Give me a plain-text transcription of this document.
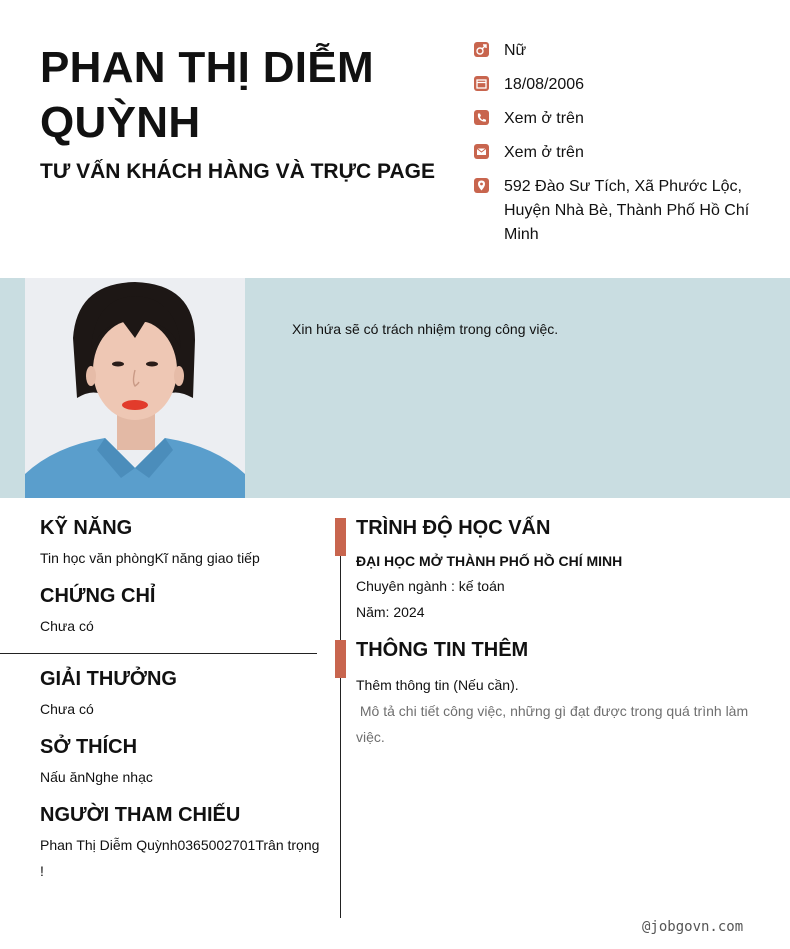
PHAN THỊ DIỄM QUỲNH
TƯ VẤN KHÁCH HÀNG VÀ TRỰC PAGE
Nữ
18/08/2006
Xem ở trên
Xem ở trên
592 Đào Sư Tích, Xã Phước Lộc, Huyện Nhà Bè, Thành Phố Hồ Chí Minh
Xin hứa sẽ có trách nhiệm trong công việc.
KỸ NĂNG
Tin học văn phòngKĩ năng giao tiếp
CHỨNG CHỈ
Chưa có
GIẢI THƯỞNG
Chưa có
SỞ THÍCH
Nấu ănNghe nhạc
NGƯỜI THAM CHIẾU
Phan Thị Diễm Quỳnh0365002701Trân trọng !
TRÌNH ĐỘ HỌC VẤN
ĐẠI HỌC MỞ THÀNH PHỐ HỒ CHÍ MINH
Chuyên ngành : kế toán
Năm: 2024
THÔNG TIN THÊM
Thêm thông tin (Nếu cần).
Mô tả chi tiết công việc, những gì đạt được trong quá trình làm việc.
@jobgovn.com
